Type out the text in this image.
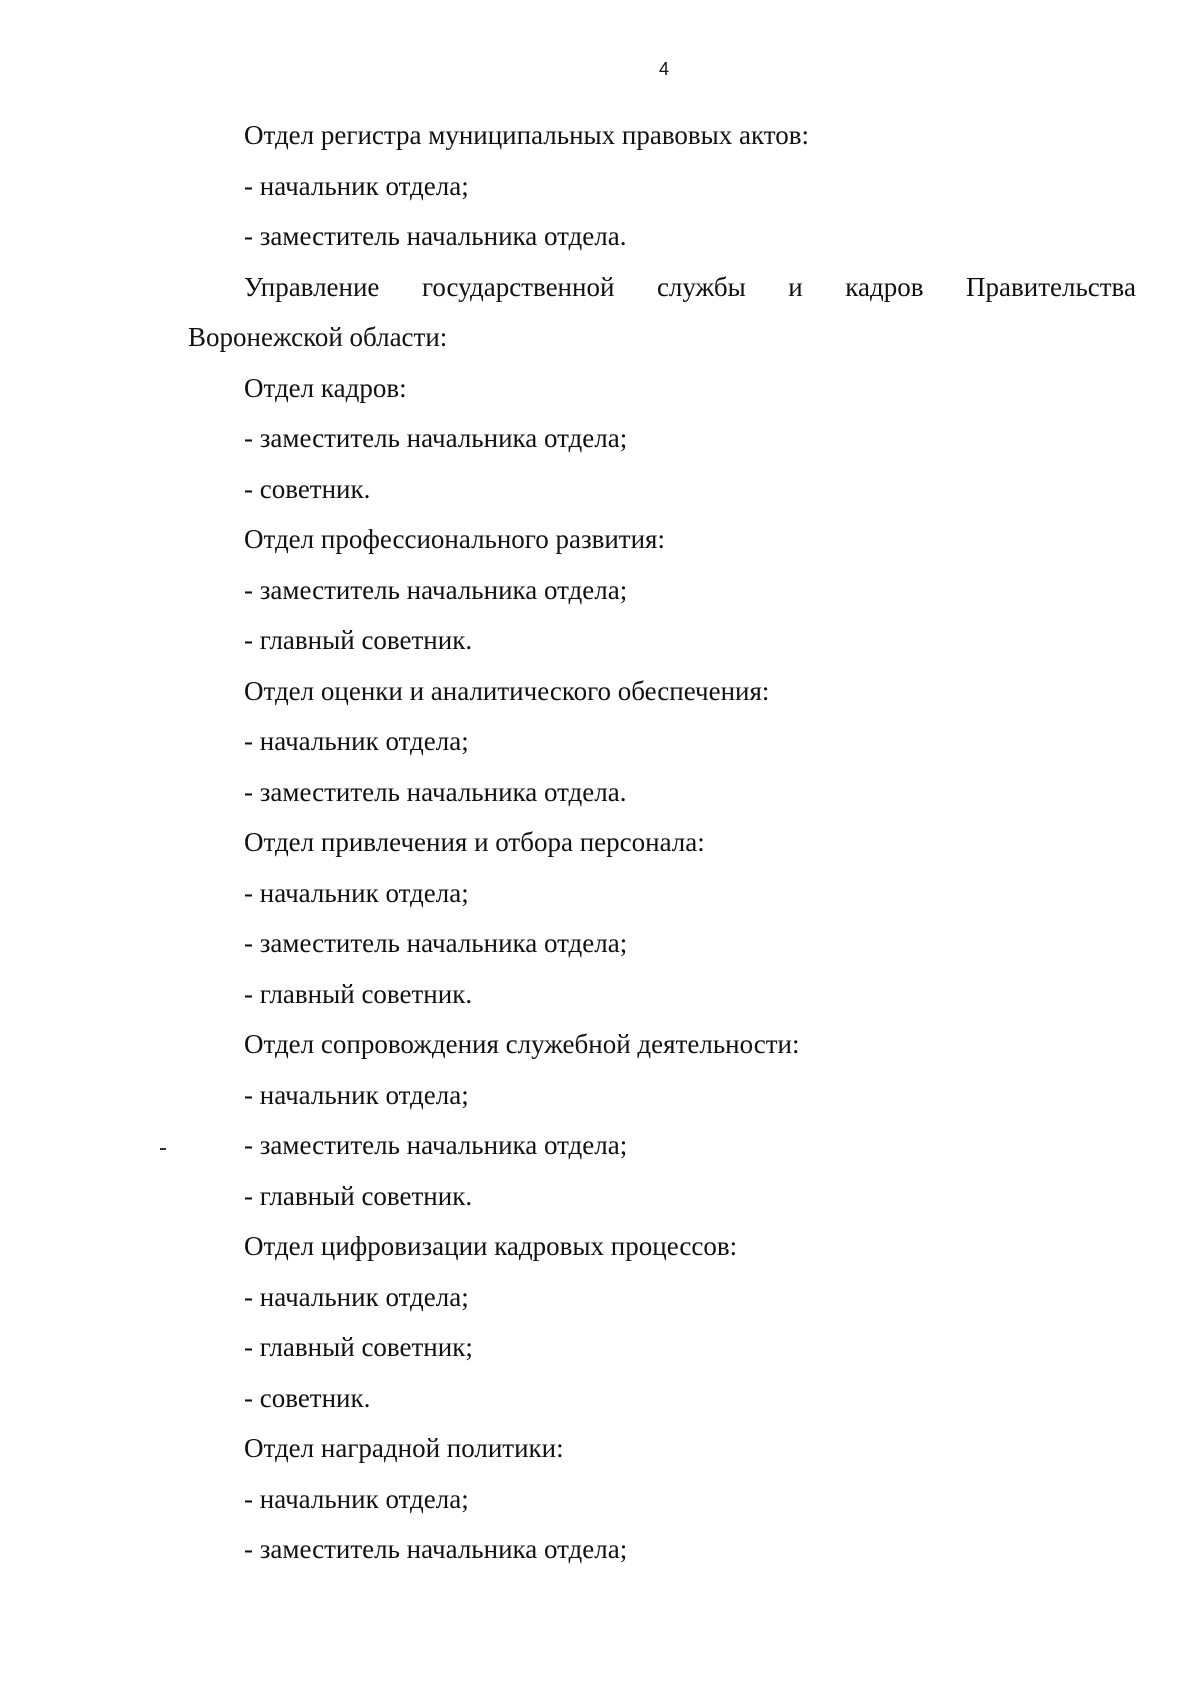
4
Отдел регистра муниципальных правовых актов:
- начальник отдела;
- заместитель начальника отдела.
Управление государственной службы и кадров Правительства
Воронежской области:
Отдел кадров:
- заместитель начальника отдела;
- советник.
Отдел профессионального развития:
- заместитель начальника отдела;
- главный советник.
Отдел оценки и аналитического обеспечения:
- начальник отдела;
- заместитель начальника отдела.
Отдел привлечения и отбора персонала:
- начальник отдела;
- заместитель начальника отдела;
- главный советник.
Отдел сопровождения служебной деятельности:
- начальник отдела;
- заместитель начальника отдела;
- главный советник.
Отдел цифровизации кадровых процессов:
- начальник отдела;
- главный советник;
- советник.
Отдел наградной политики:
- начальник отдела;
- заместитель начальника отдела;
